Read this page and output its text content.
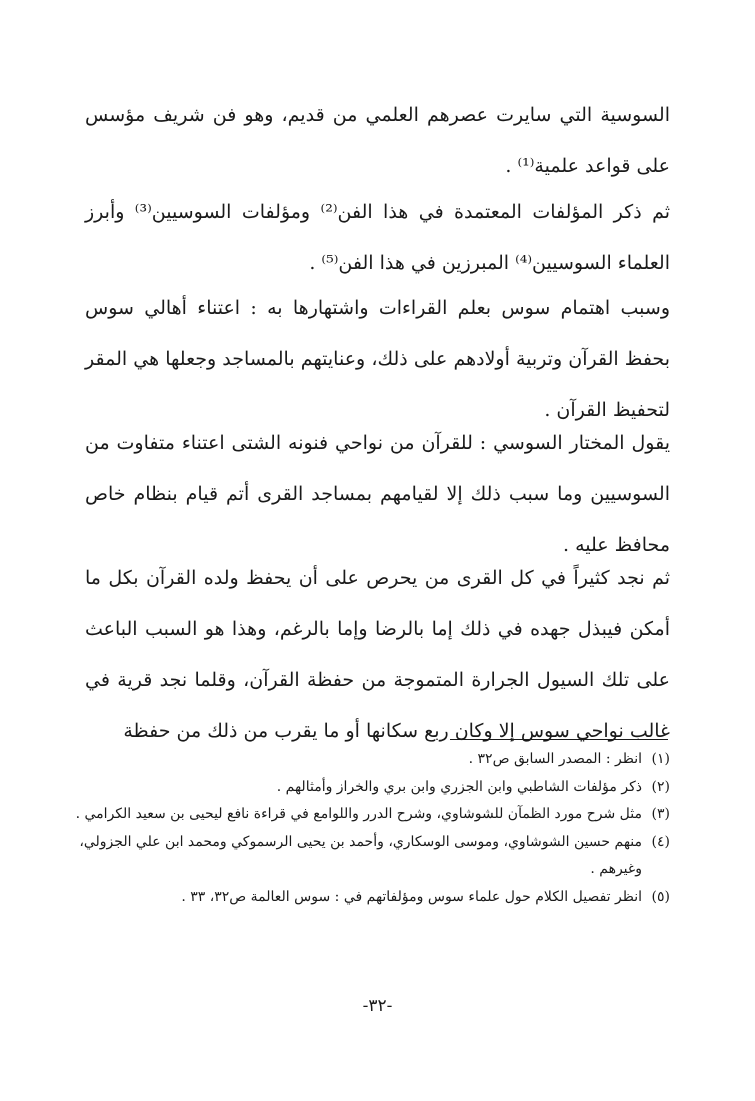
السوسية التي سايرت عصرهم العلمي من قديم، وهو فن شريف مؤسس على قواعد علمية⁽¹⁾ .
ثم ذكر المؤلفات المعتمدة في هذا الفن⁽²⁾ ومؤلفات السوسيين⁽³⁾ وأبرز العلماء السوسيين⁽⁴⁾ المبرزين في هذا الفن⁽⁵⁾ .
وسبب اهتمام سوس بعلم القراءات واشتهارها به : اعتناء أهالي سوس بحفظ القرآن وتربية أولادهم على ذلك، وعنايتهم بالمساجد وجعلها هي المقر لتحفيظ القرآن .
يقول المختار السوسي : للقرآن من نواحي فنونه الشتى اعتناء متفاوت من السوسيين وما سبب ذلك إلا لقيامهم بمساجد القرى أتم قيام بنظام خاص محافظ عليه .
ثم نجد كثيراً في كل القرى من يحرص على أن يحفظ ولده القرآن بكل ما أمكن فيبذل جهده في ذلك إما بالرضا وإما بالرغم، وهذا هو السبب الباعث على تلك السيول الجرارة المتموجة من حفظة القرآن، وقلما نجد قرية في غالب نواحي سوس إلا وكان ربع سكانها أو ما يقرب من ذلك من حفظة
(١)
انظر : المصدر السابق ص٣٢ .
(٢)
ذكر مؤلفات الشاطبي وابن الجزري وابن بري والخراز وأمثالهم .
(٣)
مثل شرح مورد الظمآن للشوشاوي، وشرح الدرر واللوامع في قراءة نافع ليحيى بن سعيد الكرامي .
(٤)
منهم حسين الشوشاوي، وموسى الوسكاري، وأحمد بن يحيى الرسموكي ومحمد ابن علي الجزولي، وغيرهم .
(٥)
انظر تفصيل الكلام حول علماء سوس ومؤلفاتهم في : سوس العالمة ص٣٢، ٣٣ .
-٣٢-
